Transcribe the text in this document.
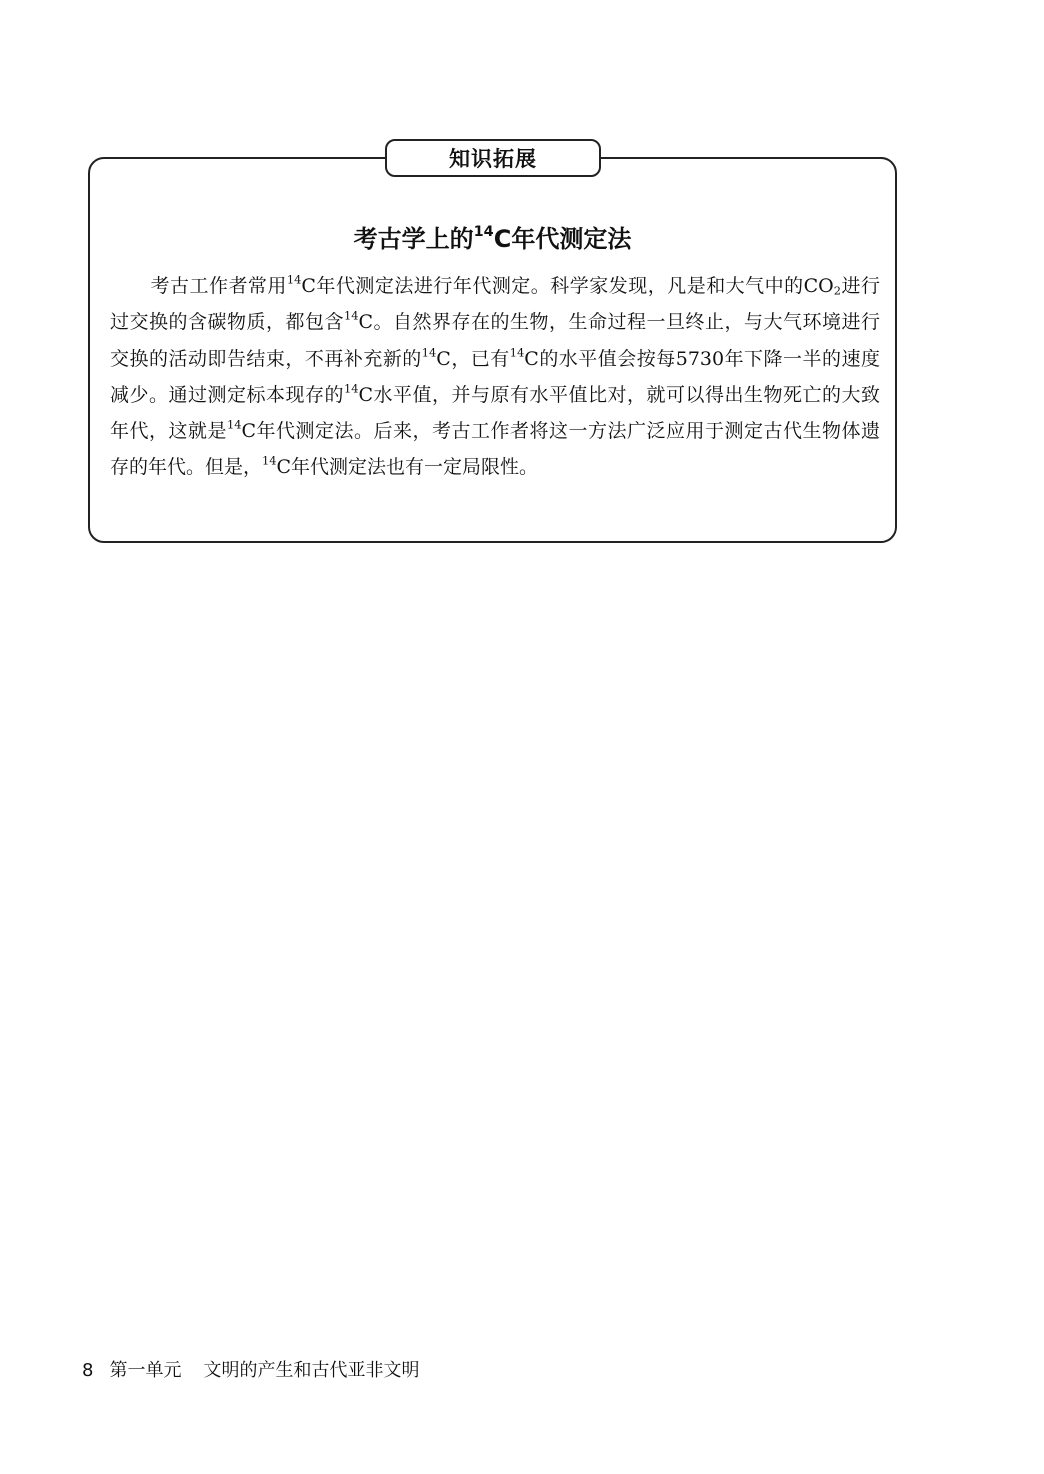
知识拓展
考古学上的$^{14}$C年代测定法
考古工作者常用$^{14}$C年代测定法进行年代测定。科学家发现，凡是和大气中的CO2进行过交换的含碳物质，都包含$^{14}$C。自然界存在的生物，生命过程一旦终止，与大气环境进行交换的活动即告结束，不再补充新的$^{14}$C，已有$^{14}$C的水平值会按每5730年下降一半的速度减少。通过测定标本现存的$^{14}$C水平值，并与原有水平值比对，就可以得出生物死亡的大致年代，这就是$^{14}$C年代测定法。后来，考古工作者将这一方法广泛应用于测定古代生物体遗存的年代。但是，$^{14}$C年代测定法也有一定局限性。
8 第一单元 文明的产生和古代亚非文明
